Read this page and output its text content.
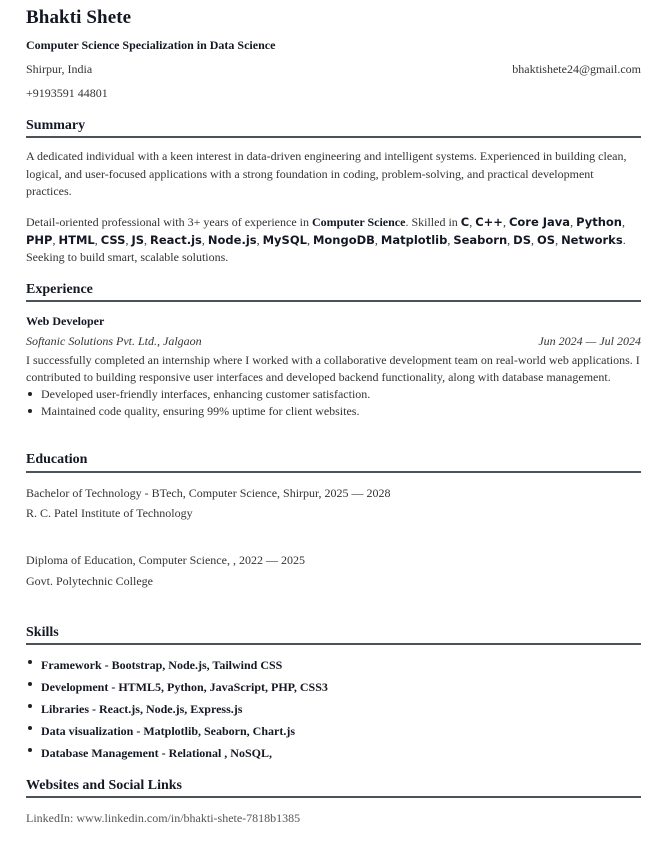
Bhakti Shete
Computer Science Specialization in Data Science
Shirpur, India	bhaktishete24@gmail.com
+9193591 44801
Summary
A dedicated individual with a keen interest in data-driven engineering and intelligent systems. Experienced in building clean, logical, and user-focused applications with a strong foundation in coding, problem-solving, and practical development practices.
Detail-oriented professional with 3+ years of experience in Computer Science. Skilled in C, C++, Core Java, Python, PHP, HTML, CSS, JS, React.js, Node.js, MySQL, MongoDB, Matplotlib, Seaborn, DS, OS, Networks. Seeking to build smart, scalable solutions.
Experience
Web Developer
Softanic Solutions Pvt. Ltd., Jalgaon	Jun 2024 — Jul 2024
I successfully completed an internship where I worked with a collaborative development team on real-world web applications. I contributed to building responsive user interfaces and developed backend functionality, along with database management.
Developed user-friendly interfaces, enhancing customer satisfaction.
Maintained code quality, ensuring 99% uptime for client websites.
Education
Bachelor of Technology - BTech, Computer Science, Shirpur, 2025 — 2028
R. C. Patel Institute of Technology
Diploma of Education, Computer Science, , 2022 — 2025
Govt. Polytechnic College
Skills
Framework - Bootstrap, Node.js, Tailwind CSS
Development - HTML5, Python, JavaScript, PHP, CSS3
Libraries - React.js, Node.js, Express.js
Data visualization - Matplotlib, Seaborn, Chart.js
Database Management - Relational , NoSQL,
Websites and Social Links
LinkedIn: www.linkedin.com/in/bhakti-shete-7818b1385
